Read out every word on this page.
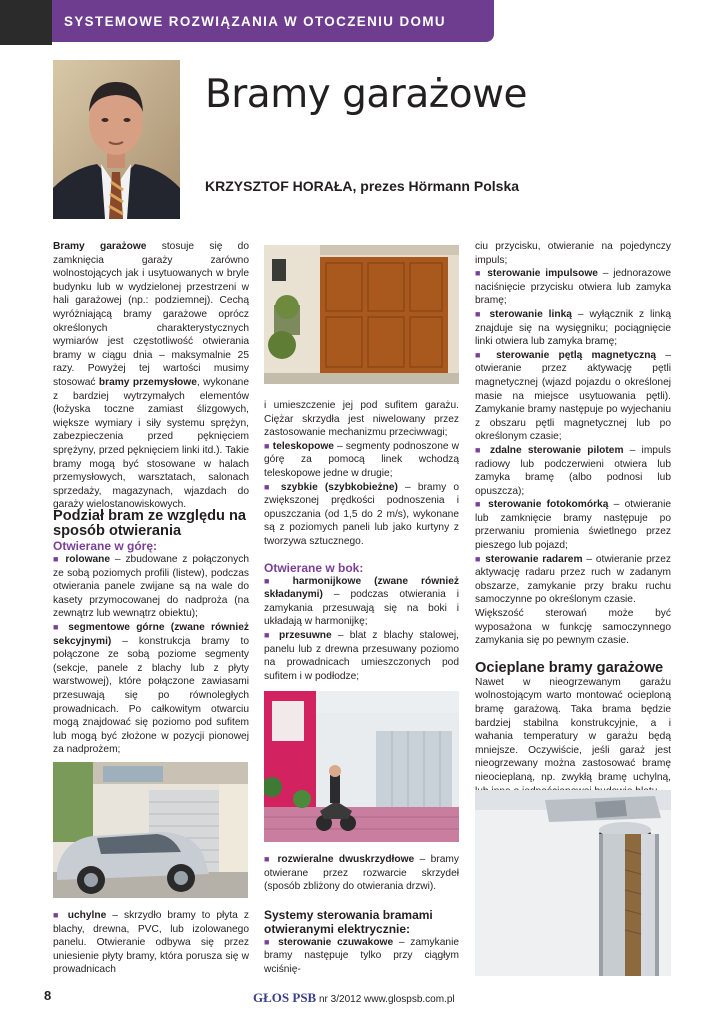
SYSTEMOWE ROZWIĄZANIA W OTOCZENIU DOMU
Bramy garażowe
KRZYSZTOF HORAŁA, prezes Hörmann Polska

Bramy garażowe stosuje się do zamknięcia garaży zarówno wolnostojących jak i usytuowanych w bryle budynku lub w wydzielonej przestrzeni w hali garażowej (np.: podziemnej). Cechą wyróżniającą bramy garażowe oprócz określonych charakterystycznych wymiarów jest częstotliwość otwierania bramy w ciągu dnia – maksymalnie 25 razy. Powyżej tej wartości musimy stosować bramy przemysłowe, wykonane z bardziej wytrzymałych elementów (łożyska toczne zamiast ślizgowych, większe wymiary i siły systemu sprężyn, zabezpieczenia przed pęknięciem sprężyny, przed pęknięciem linki itd.). Takie bramy mogą być stosowane w halach przemysłowych, warsztatach, salonach sprzedaży, magazynach, wjazdach do garaży wielostanowiskowych.

Podział bram ze względu na sposób otwierania
Otwierane w górę:

■ rolowane – zbudowane z połączonych ze sobą poziomych profili (listew), podczas otwierania panele zwijane są na wale do kasety przymocowanej do nadproża (na zewnątrz lub wewnątrz obiektu);

■ segmentowe górne (zwane również sekcyjnymi) – konstrukcja bramy to połączone ze sobą poziome segmenty (sekcje, panele z blachy lub z płyty warstwowej), które połączone zawiasami przesuwają się po równoległych prowadnicach. Po całkowitym otwarciu mogą znajdować się poziomo pod sufitem lub mogą być złożone w pozycji pionowej za nadprożem;

■ uchylne – skrzydło bramy to płyta z blachy, drewna, PVC, lub izolowanego panelu. Otwieranie odbywa się przez uniesienie płyty bramy, która porusza się w prowadnicach

i umieszczenie jej pod sufitem garażu. Ciężar skrzydła jest niwelowany przez zastosowanie mechanizmu przeciwwagi;

■ teleskopowe – segmenty podnoszone w górę za pomocą linek wchodzą teleskopowe jedne w drugie;

■ szybkie (szybkobieżne) – bramy o zwiększonej prędkości podnoszenia i opuszczania (od 1,5 do 2 m/s), wykonane są z poziomych paneli lub jako kurtyny z tworzywa sztucznego.

Otwierane w bok:

■ harmonijkowe (zwane również składanymi) – podczas otwierania i zamykania przesuwają się na boki i układają w harmonijkę;

■ przesuwne – blat z blachy stalowej, panelu lub z drewna przesuwany poziomo na prowadnicach umieszczonych pod sufitem i w podłodze;

■ rozwieralne dwuskrzydłowe – bramy otwierane przez rozwarcie skrzydeł (sposób zbliżony do otwierania drzwi).

Systemy sterowania bramami otwieranymi elektrycznie:

■ sterowanie czuwakowe – zamykanie bramy następuje tylko przy ciągłym wciśnię-

ciu przycisku, otwieranie na pojedynczy impuls;

■ sterowanie impulsowe – jednorazowe naciśnięcie przycisku otwiera lub zamyka bramę;

■ sterowanie linką – wyłącznik z linką znajduje się na wysięgniku; pociągnięcie linki otwiera lub zamyka bramę;

■ sterowanie pętlą magnetyczną – otwieranie przez aktywację pętli magnetycznej (wjazd pojazdu o określonej masie na miejsce usytuowania pętli). Zamykanie bramy następuje po wyjechaniu z obszaru pętli magnetycznej lub po określonym czasie;

■ zdalne sterowanie pilotem – impuls radiowy lub podczerwieni otwiera lub zamyka bramę (albo podnosi lub opuszcza);

■ sterowanie fotokomórką – otwieranie lub zamknięcie bramy następuje po przerwaniu promienia świetlnego przez pieszego lub pojazd;

■ sterowanie radarem – otwieranie przez aktywację radaru przez ruch w zadanym obszarze, zamykanie przy braku ruchu samoczynne po określonym czasie.

Większość sterowań może być wyposażona w funkcję samoczynnego zamykania się po pewnym czasie.

Ocieplane bramy garażowe

Nawet w nieogrzewanym garażu wolnostojącym warto montować ocieploną bramę garażową. Taka brama będzie bardziej stabilna konstrukcyjnie, a i wahania temperatury w garażu będą mniejsze. Oczywiście, jeśli garaż jest nieogrzewany można zastosować bramę nieocieplaną, np. zwykłą bramę uchylną,

8	GŁOS PSB nr 3/2012 www.glospsb.com.pl
